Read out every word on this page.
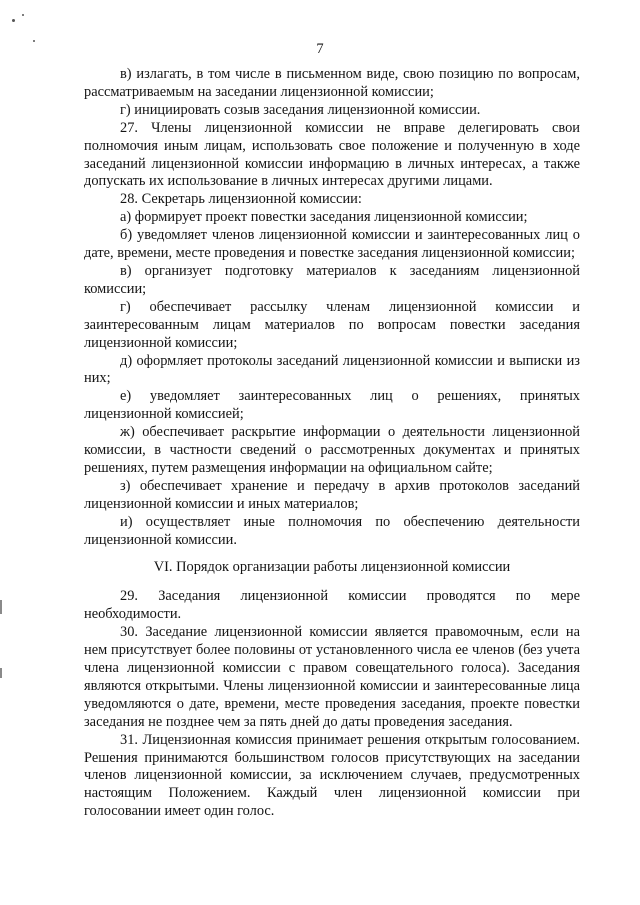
7

в) излагать, в том числе в письменном виде, свою позицию по вопросам, рассматриваемым на заседании лицензионной комиссии;

г) инициировать созыв заседания лицензионной комиссии.

27. Члены лицензионной комиссии не вправе делегировать свои полномочия иным лицам, использовать свое положение и полученную в ходе заседаний лицензионной комиссии информацию в личных интересах, а также допускать их использование в личных интересах другими лицами.

28. Секретарь лицензионной комиссии:

а) формирует проект повестки заседания лицензионной комиссии;

б) уведомляет членов лицензионной комиссии и заинтересованных лиц о дате, времени, месте проведения и повестке заседания лицензионной комиссии;

в) организует подготовку материалов к заседаниям лицензионной комиссии;

г) обеспечивает рассылку членам лицензионной комиссии и заинтересованным лицам материалов по вопросам повестки заседания лицензионной комиссии;

д) оформляет протоколы заседаний лицензионной комиссии и выписки из них;

е) уведомляет заинтересованных лиц о решениях, принятых лицензионной комиссией;

ж) обеспечивает раскрытие информации о деятельности лицензионной комиссии, в частности сведений о рассмотренных документах и принятых решениях, путем размещения информации на официальном сайте;

з) обеспечивает хранение и передачу в архив протоколов заседаний лицензионной комиссии и иных материалов;

и) осуществляет иные полномочия по обеспечению деятельности лицензионной комиссии.

VI. Порядок организации работы лицензионной комиссии

29. Заседания лицензионной комиссии проводятся по мере необходимости.

30. Заседание лицензионной комиссии является правомочным, если на нем присутствует более половины от установленного числа ее членов (без учета члена лицензионной комиссии с правом совещательного голоса). Заседания являются открытыми. Члены лицензионной комиссии и заинтересованные лица уведомляются о дате, времени, месте проведения заседания, проекте повестки заседания не позднее чем за пять дней до даты проведения заседания.

31. Лицензионная комиссия принимает решения открытым голосованием. Решения принимаются большинством голосов присутствующих на заседании членов лицензионной комиссии, за исключением случаев, предусмотренных настоящим Положением. Каждый член лицензионной комиссии при голосовании имеет один голос.
